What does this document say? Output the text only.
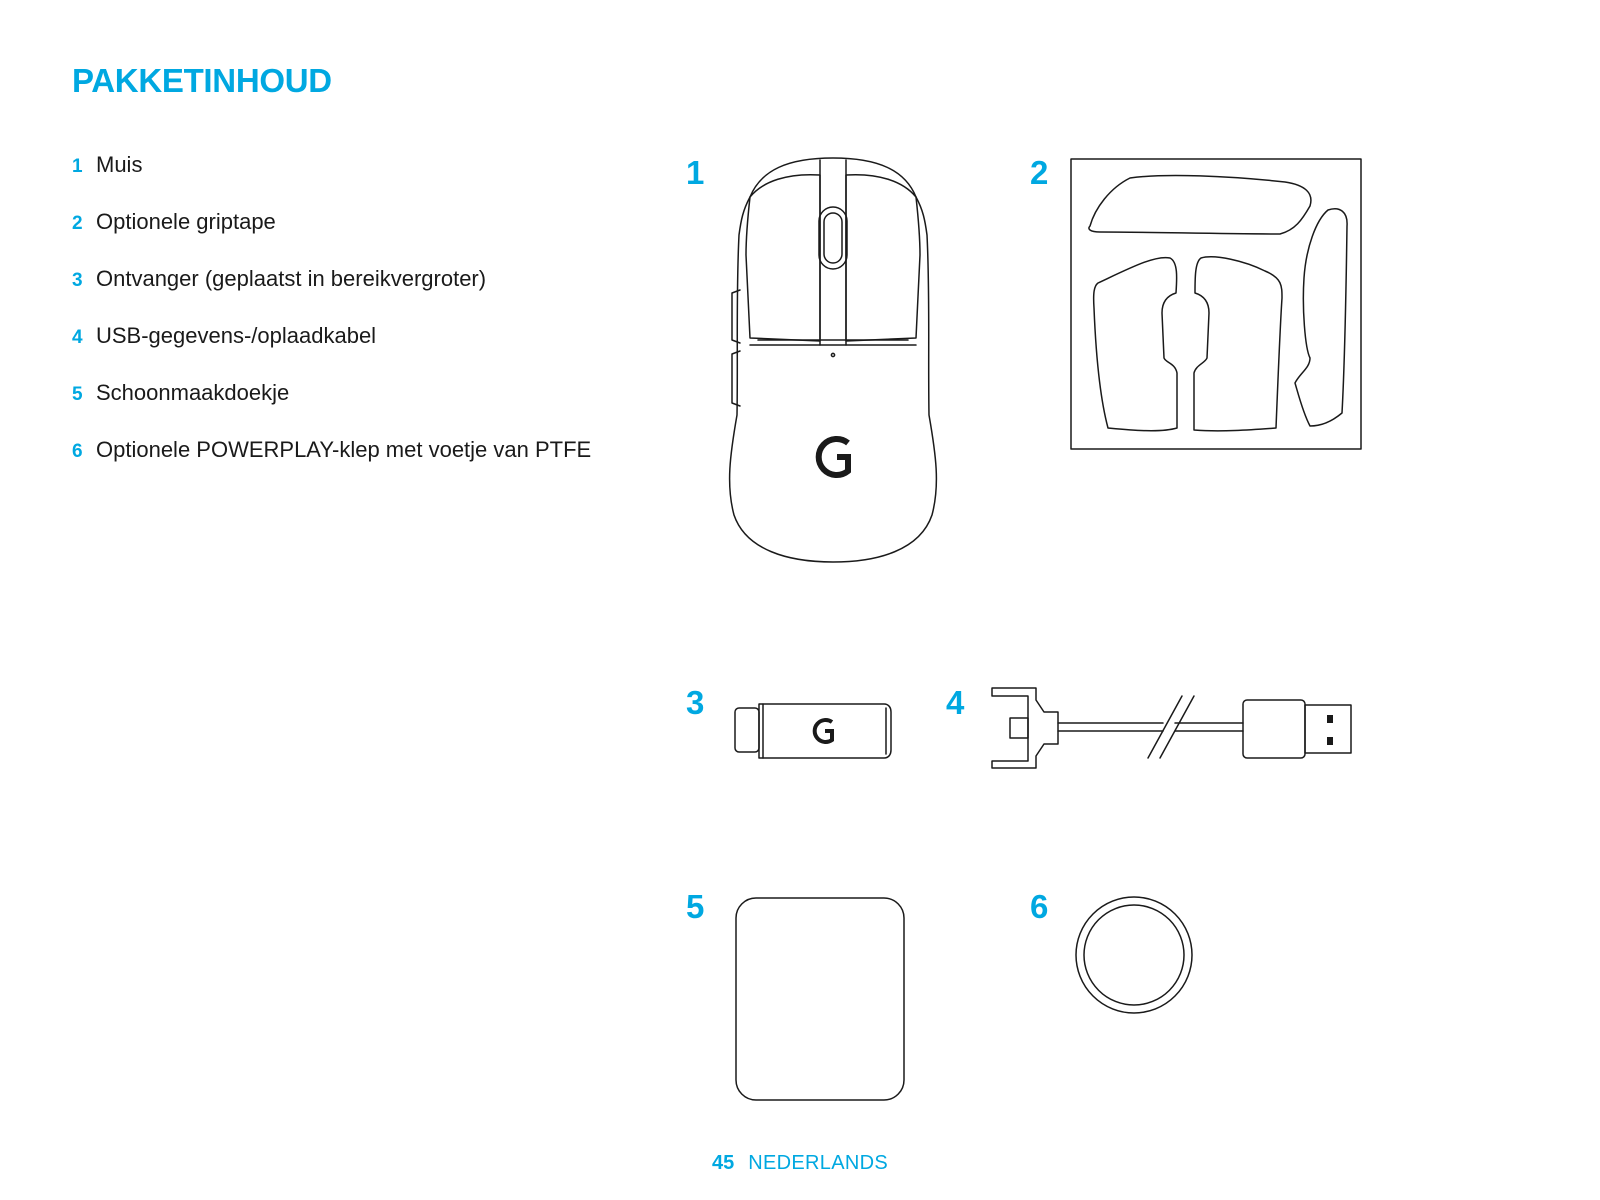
PAKKETINHOUD
1 Muis
2 Optionele griptape
3 Ontvanger (geplaatst in bereikvergroter)
4 USB-gegevens-/oplaadkabel
5 Schoonmaakdoekje
6 Optionele POWERPLAY-klep met voetje van PTFE
1	2
3	4
5	6
45 NEDERLANDS
